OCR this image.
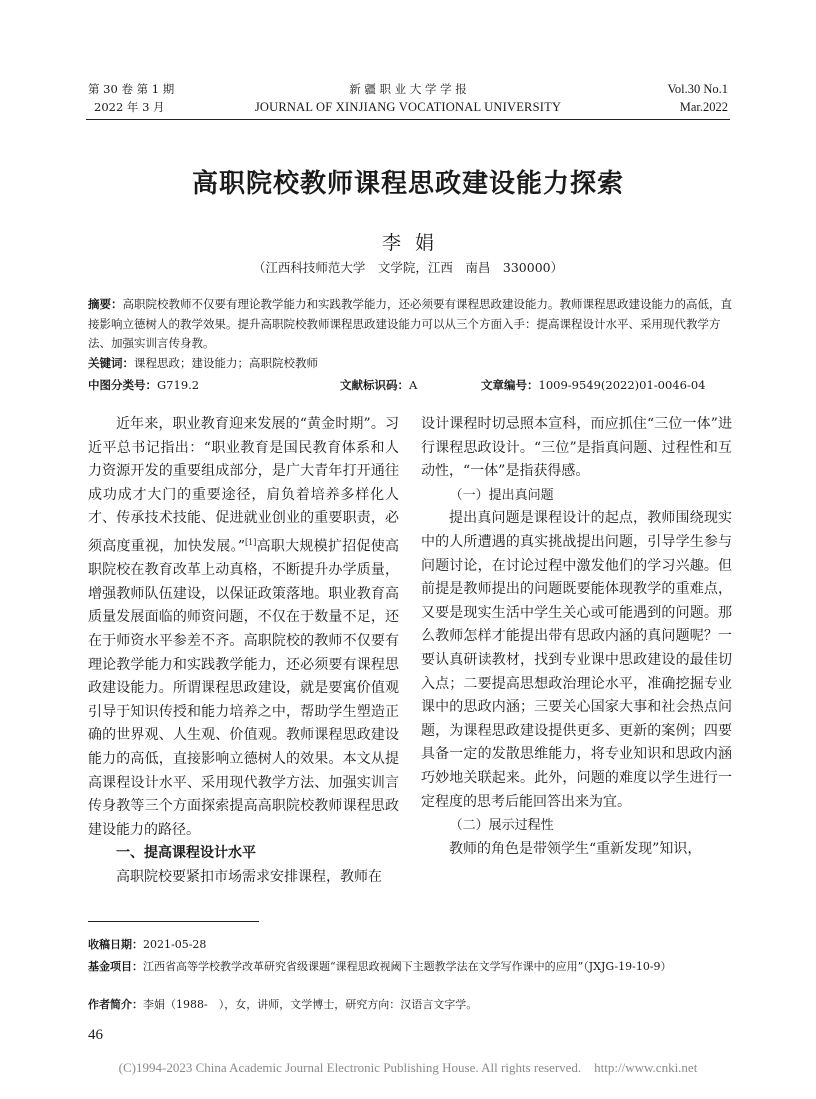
第 30 卷 第 1 期
2022 年 3 月
新 疆 职 业 大 学 学 报
JOURNAL OF XINJIANG VOCATIONAL UNIVERSITY
Vol.30 No.1
Mar.2022
高职院校教师课程思政建设能力探索
李娟
（江西科技师范大学　文学院，江西　南昌　330000）
摘要：高职院校教师不仅要有理论教学能力和实践教学能力，还必须要有课程思政建设能力。教师课程思政建设能力的高低，直接影响立德树人的教学效果。提升高职院校教师课程思政建设能力可以从三个方面入手：提高课程设计水平、采用现代教学方法、加强实训言传身教。
关键词：课程思政；建设能力；高职院校教师
中图分类号：G719.2	文献标识码：A	文章编号：1009-9549(2022)01-0046-04

近年来，职业教育迎来发展的“黄金时期”。习近平总书记指出：“职业教育是国民教育体系和人力资源开发的重要组成部分，是广大青年打开通往成功成才大门的重要途径，肩负着培养多样化人才、传承技术技能、促进就业创业的重要职责，必须高度重视，加快发展。”[1]高职大规模扩招促使高职院校在教育改革上动真格，不断提升办学质量，增强教师队伍建设，以保证政策落地。职业教育高质量发展面临的师资问题，不仅在于数量不足，还在于师资水平参差不齐。高职院校的教师不仅要有理论教学能力和实践教学能力，还必须要有课程思政建设能力。所谓课程思政建设，就是要寓价值观引导于知识传授和能力培养之中，帮助学生塑造正确的世界观、人生观、价值观。教师课程思政建设能力的高低，直接影响立德树人的效果。本文从提高课程设计水平、采用现代教学方法、加强实训言传身教等三个方面探索提高高职院校教师课程思政建设能力的路径。

一、提高课程设计水平

高职院校要紧扣市场需求安排课程，教师在

设计课程时切忌照本宣科，而应抓住“三位一体”进行课程思政设计。“三位”是指真问题、过程性和互动性，“一体”是指获得感。

（一）提出真问题

提出真问题是课程设计的起点，教师围绕现实中的人所遭遇的真实挑战提出问题，引导学生参与问题讨论，在讨论过程中激发他们的学习兴趣。但前提是教师提出的问题既要能体现教学的重难点，又要是现实生活中学生关心或可能遇到的问题。那么教师怎样才能提出带有思政内涵的真问题呢？一要认真研读教材，找到专业课中思政建设的最佳切入点；二要提高思想政治理论水平，准确挖掘专业课中的思政内涵；三要关心国家大事和社会热点问题，为课程思政建设提供更多、更新的案例；四要具备一定的发散思维能力，将专业知识和思政内涵巧妙地关联起来。此外，问题的难度以学生进行一定程度的思考后能回答出来为宜。

（二）展示过程性

教师的角色是带领学生“重新发现”知识，

收稿日期：2021-05-28
基金项目：江西省高等学校教学改革研究省级课题“课程思政视阈下主题教学法在文学写作课中的应用”（JXJG-19-10-9）
作者简介：李娟（1988-　），女，讲师，文学博士，研究方向：汉语言文字学。
46
(C)1994-2023 China Academic Journal Electronic Publishing House. All rights reserved.    http://www.cnki.net
